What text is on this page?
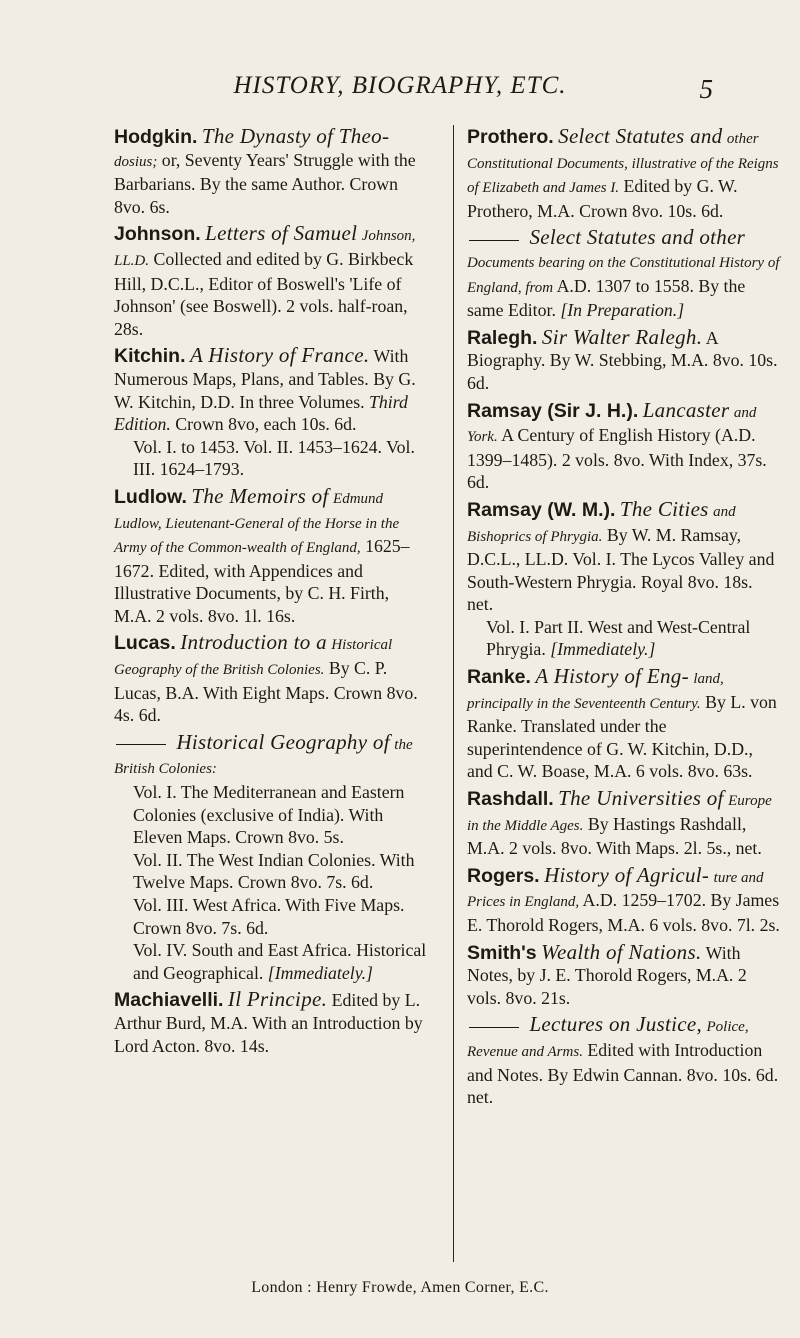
HISTORY, BIOGRAPHY, ETC.	5
Hodgkin. The Dynasty of Theo- dosius; or, Seventy Years' Struggle with the Barbarians. By the same Author. Crown 8vo. 6s.
Johnson. Letters of Samuel Johnson, LL.D. Collected and edited by G. Birkbeck Hill, D.C.L., Editor of Boswell's 'Life of Johnson' (see Boswell). 2 vols. half-roan, 28s.
Kitchin. A History of France. With Numerous Maps, Plans, and Tables. By G. W. Kitchin, D.D. In three Volumes. Third Edition. Crown 8vo, each 10s. 6d.
Vol. I. to 1453. Vol. II. 1453–1624. Vol. III. 1624–1793.
Ludlow. The Memoirs of Edmund Ludlow, Lieutenant-General of the Horse in the Army of the Common-wealth of England, 1625–1672. Edited, with Appendices and Illustrative Documents, by C. H. Firth, M.A. 2 vols. 8vo. 1l. 16s.
Lucas. Introduction to a Historical Geography of the British Colonies. By C. P. Lucas, B.A. With Eight Maps. Crown 8vo. 4s. 6d.
Historical Geography of the British Colonies:
Vol. I. The Mediterranean and Eastern Colonies (exclusive of India). With Eleven Maps. Crown 8vo. 5s.
Vol. II. The West Indian Colonies. With Twelve Maps. Crown 8vo. 7s. 6d.
Vol. III. West Africa. With Five Maps. Crown 8vo. 7s. 6d.
Vol. IV. South and East Africa. Historical and Geographical. [Immediately.]
Machiavelli. Il Principe. Edited by L. Arthur Burd, M.A. With an Introduction by Lord Acton. 8vo. 14s.
Prothero. Select Statutes and other Constitutional Documents, illustrative of the Reigns of Elizabeth and James I. Edited by G. W. Prothero, M.A. Crown 8vo. 10s. 6d.
Select Statutes and other Documents bearing on the Constitutional History of England, from A.D. 1307 to 1558. By the same Editor. [In Preparation.]
Ralegh. Sir Walter Ralegh. A Biography. By W. Stebbing, M.A. 8vo. 10s. 6d.
Ramsay (Sir J. H.). Lancaster and York. A Century of English History (A.D. 1399–1485). 2 vols. 8vo. With Index, 37s. 6d.
Ramsay (W. M.). The Cities and Bishoprics of Phrygia. By W. M. Ramsay, D.C.L., LL.D. Vol. I. The Lycos Valley and South-Western Phrygia. Royal 8vo. 18s. net.
Vol. I. Part II. West and West-Central Phrygia. [Immediately.]
Ranke. A History of Eng- land, principally in the Seventeenth Century. By L. von Ranke. Translated under the superintendence of G. W. Kitchin, D.D., and C. W. Boase, M.A. 6 vols. 8vo. 63s.
Rashdall. The Universities of Europe in the Middle Ages. By Hastings Rashdall, M.A. 2 vols. 8vo. With Maps. 2l. 5s., net.
Rogers. History of Agricul- ture and Prices in England, A.D. 1259–1702. By James E. Thorold Rogers, M.A. 6 vols. 8vo. 7l. 2s.
Smith's Wealth of Nations. With Notes, by J. E. Thorold Rogers, M.A. 2 vols. 8vo. 21s.
Lectures on Justice, Police, Revenue and Arms. Edited with Introduction and Notes. By Edwin Cannan. 8vo. 10s. 6d. net.
London : Henry Frowde, Amen Corner, E.C.
